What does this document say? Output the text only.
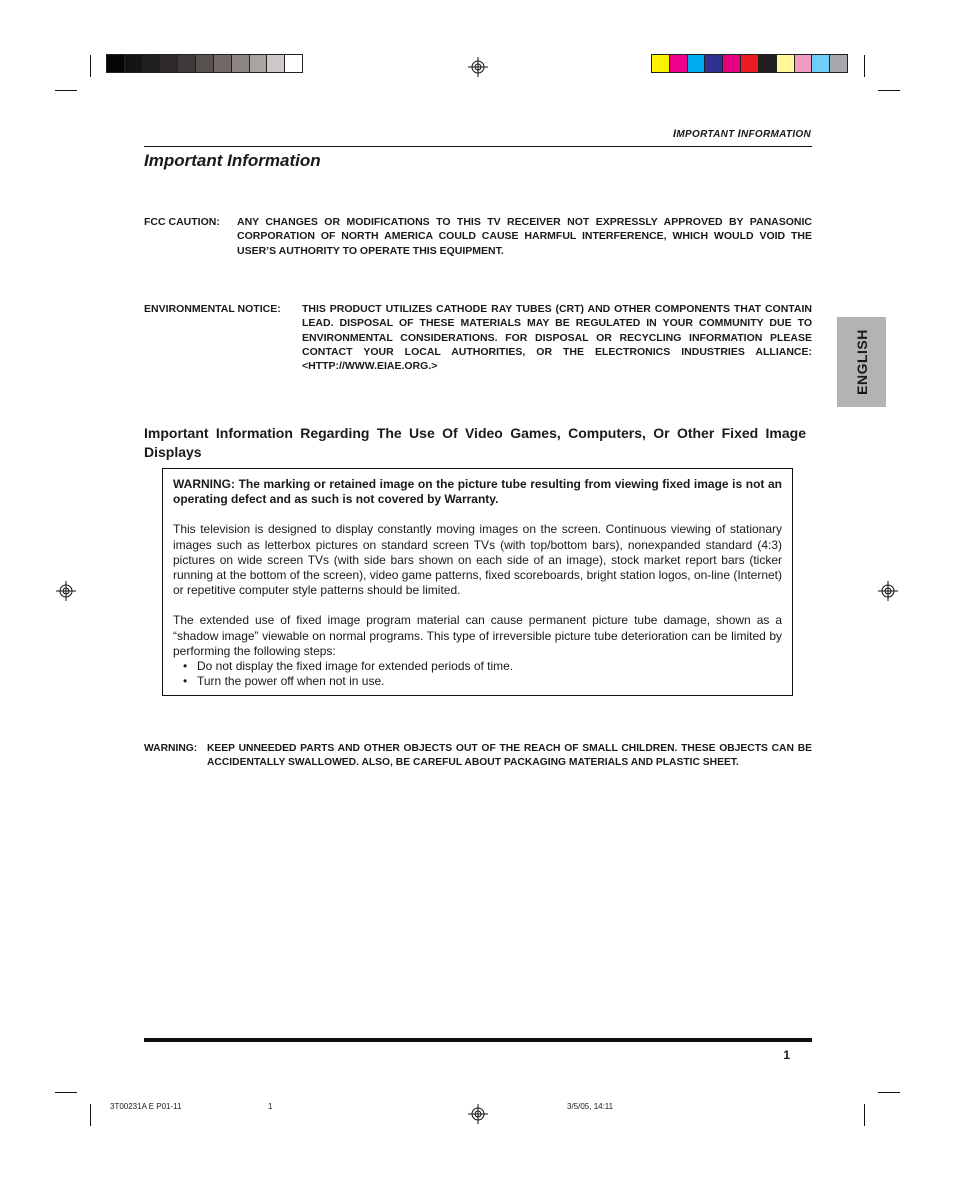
IMPORTANT INFORMATION
Important Information
FCC CAUTION:	ANY CHANGES OR MODIFICATIONS TO THIS TV RECEIVER NOT EXPRESSLY APPROVED BY PANASONIC CORPORATION OF NORTH AMERICA COULD CAUSE HARMFUL INTERFERENCE, WHICH WOULD VOID THE USER’S AUTHORITY TO OPERATE THIS EQUIPMENT.
ENVIRONMENTAL NOTICE:	THIS PRODUCT UTILIZES CATHODE RAY TUBES (CRT) AND OTHER COMPONENTS THAT CONTAIN LEAD. DISPOSAL OF THESE MATERIALS MAY BE REGULATED IN YOUR COMMUNITY DUE TO ENVIRONMENTAL CONSIDERATIONS. FOR DISPOSAL OR RECYCLING INFORMATION PLEASE CONTACT YOUR LOCAL AUTHORITIES, OR THE ELECTRONICS INDUSTRIES ALLIANCE: <HTTP://WWW.EIAE.ORG.>
Important Information Regarding The Use Of Video Games, Computers, Or Other Fixed Image Displays

WARNING: The marking or retained image on the picture tube resulting from viewing fixed image is not an operating defect and as such is not covered by Warranty.

This television is designed to display constantly moving images on the screen. Continuous viewing of stationary images such as letterbox pictures on standard screen TVs (with top/bottom bars), nonexpanded standard (4:3) pictures on wide screen TVs (with side bars shown on each side of an image), stock market report bars (ticker running at the bottom of the screen), video game patterns, fixed scoreboards, bright station logos, on-line (Internet) or repetitive computer style patterns should be limited.

The extended use of fixed image program material can cause permanent picture tube damage, shown as a “shadow image” viewable on normal programs. This type of irreversible picture tube deterioration can be limited by performing the following steps:

• Do not display the fixed image for extended periods of time.
• Turn the power off when not in use.
WARNING: KEEP UNNEEDED PARTS AND OTHER OBJECTS OUT OF THE REACH OF SMALL CHILDREN. THESE OBJECTS CAN BE ACCIDENTALLY SWALLOWED. ALSO, BE CAREFUL ABOUT PACKAGING MATERIALS AND PLASTIC SHEET.
ENGLISH
1
3T00231A E P01-11	1	3/5/05, 14:11
